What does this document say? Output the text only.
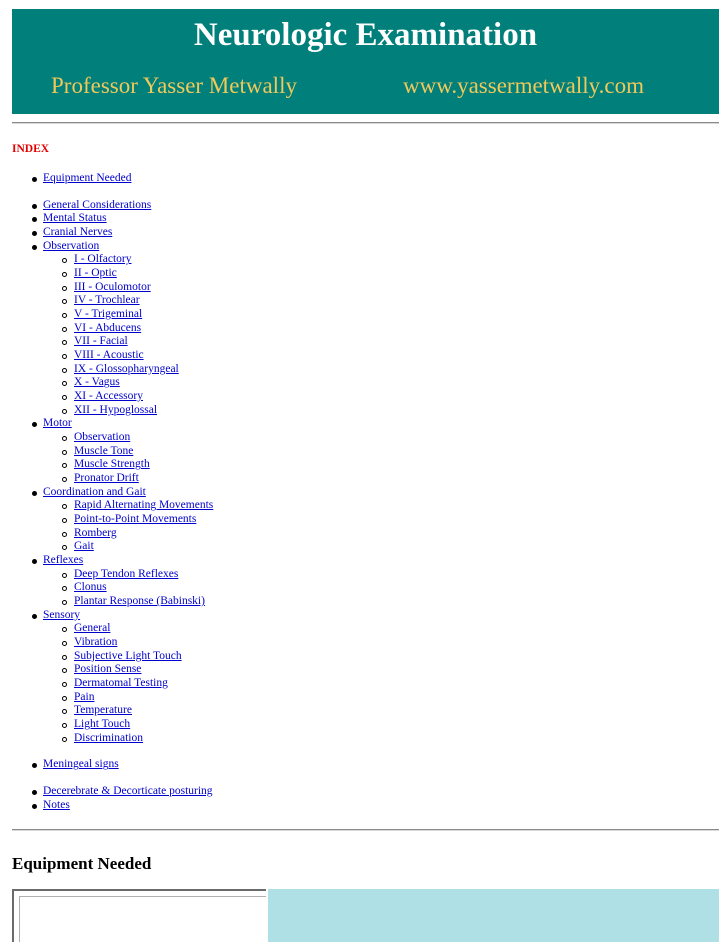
Neurologic Examination
Professor Yasser Metwally	www.yassermetwally.com
INDEX
Equipment Needed
General Considerations
Mental Status
Cranial Nerves
Observation
I - Olfactory
II - Optic
III - Oculomotor
IV - Trochlear
V - Trigeminal
VI - Abducens
VII - Facial
VIII - Acoustic
IX - Glossopharyngeal
X - Vagus
XI - Accessory
XII - Hypoglossal
Motor
Observation
Muscle Tone
Muscle Strength
Pronator Drift
Coordination and Gait
Rapid Alternating Movements
Point-to-Point Movements
Romberg
Gait
Reflexes
Deep Tendon Reflexes
Clonus
Plantar Response (Babinski)
Sensory
General
Vibration
Subjective Light Touch
Position Sense
Dermatomal Testing
Pain
Temperature
Light Touch
Discrimination
Meningeal signs
Decerebrate & Decorticate posturing
Notes
Equipment Needed
